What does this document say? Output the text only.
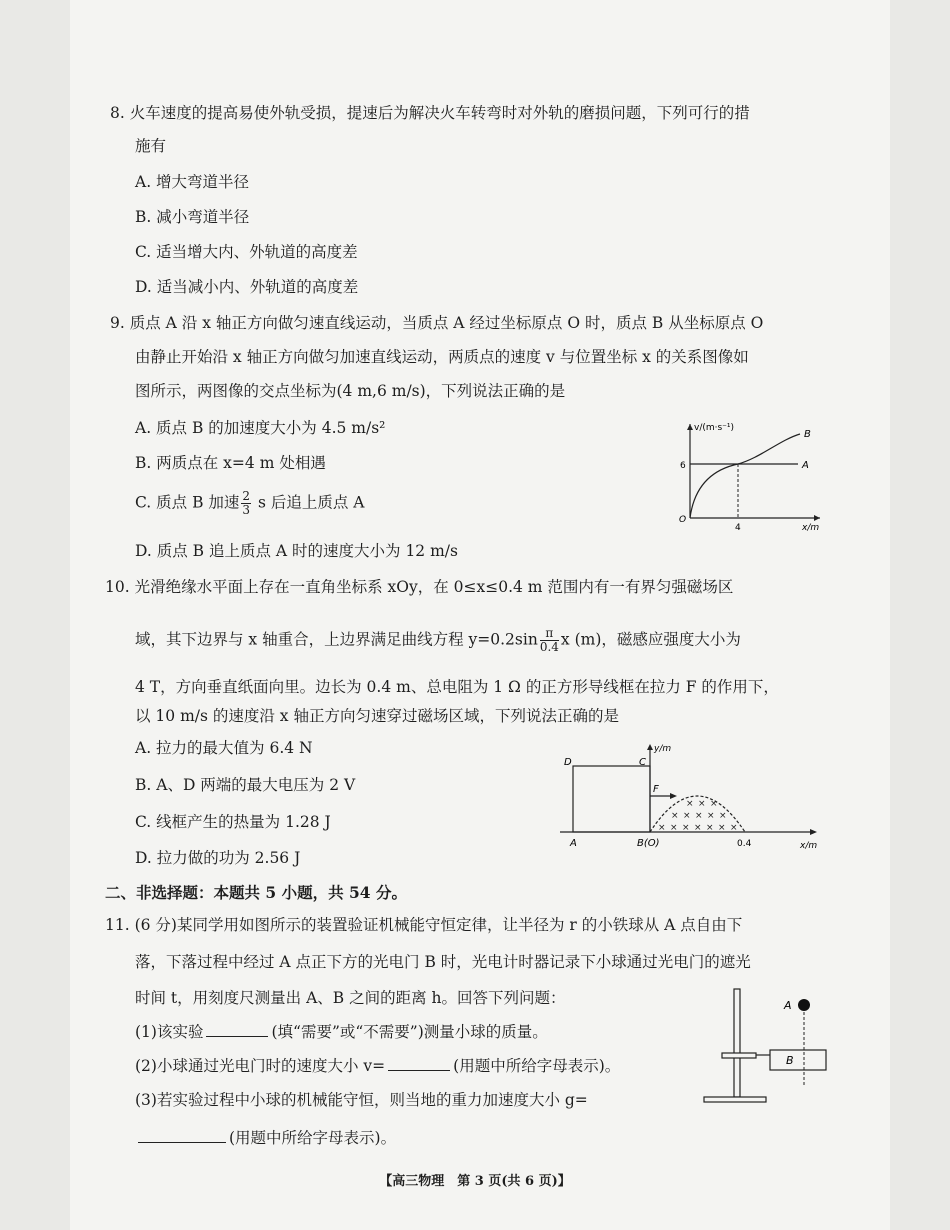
8. 火车速度的提高易使外轨受损，提速后为解决火车转弯时对外轨的磨损问题，下列可行的措
施有
A. 增大弯道半径
B. 减小弯道半径
C. 适当增大内、外轨道的高度差
D. 适当减小内、外轨道的高度差
9. 质点 A 沿 x 轴正方向做匀速直线运动，当质点 A 经过坐标原点 O 时，质点 B 从坐标原点 O
由静止开始沿 x 轴正方向做匀加速直线运动，两质点的速度 v 与位置坐标 x 的关系图像如
图所示，两图像的交点坐标为(4 m,6 m/s)，下列说法正确的是
A. 质点 B 的加速度大小为 4.5 m/s²
B. 两质点在 x=4 m 处相遇
C. 质点 B 加速 $\frac{2}{3}$ s 后追上质点 A
D. 质点 B 追上质点 A 时的速度大小为 12 m/s
v/(m·s⁻¹)
x/m
O
6
4
A
B
10. 光滑绝缘水平面上存在一直角坐标系 xOy，在 0≤x≤0.4 m 范围内有一有界匀强磁场区
域，其下边界与 x 轴重合，上边界满足曲线方程 $y=0.2\sin \frac{\pi}{0.4}$ x (m)，磁感应强度大小为
4 T，方向垂直纸面向里。边长为 0.4 m、总电阻为 1 Ω 的正方形导线框在拉力 F 的作用下，
以 10 m/s 的速度沿 x 轴正方向匀速穿过磁场区域，下列说法正确的是
A. 拉力的最大值为 6.4 N
B. A、D 两端的最大电压为 2 V
C. 线框产生的热量为 1.28 J
D. 拉力做的功为 2.56 J
x/m
y/m
D	C
A	B(O)
F
× × ×
× × × × ×
× × × × × × ×
0.4
二、非选择题：本题共 5 小题，共 54 分。
11. (6 分)某同学用如图所示的装置验证机械能守恒定律，让半径为 r 的小铁球从 A 点自由下
落，下落过程中经过 A 点正下方的光电门 B 时，光电计时器记录下小球通过光电门的遮光
时间 t，用刻度尺测量出 A、B 之间的距离 h。回答下列问题：
(1)该实验	(填“需要”或“不需要”)测量小球的质量。
(2)小球通过光电门时的速度大小 v=	(用题中所给字母表示)。
(3)若实验过程中小球的机械能守恒，则当地的重力加速度大小 g=
(用题中所给字母表示)。
A
B
【高三物理　第 3 页(共 6 页)】
